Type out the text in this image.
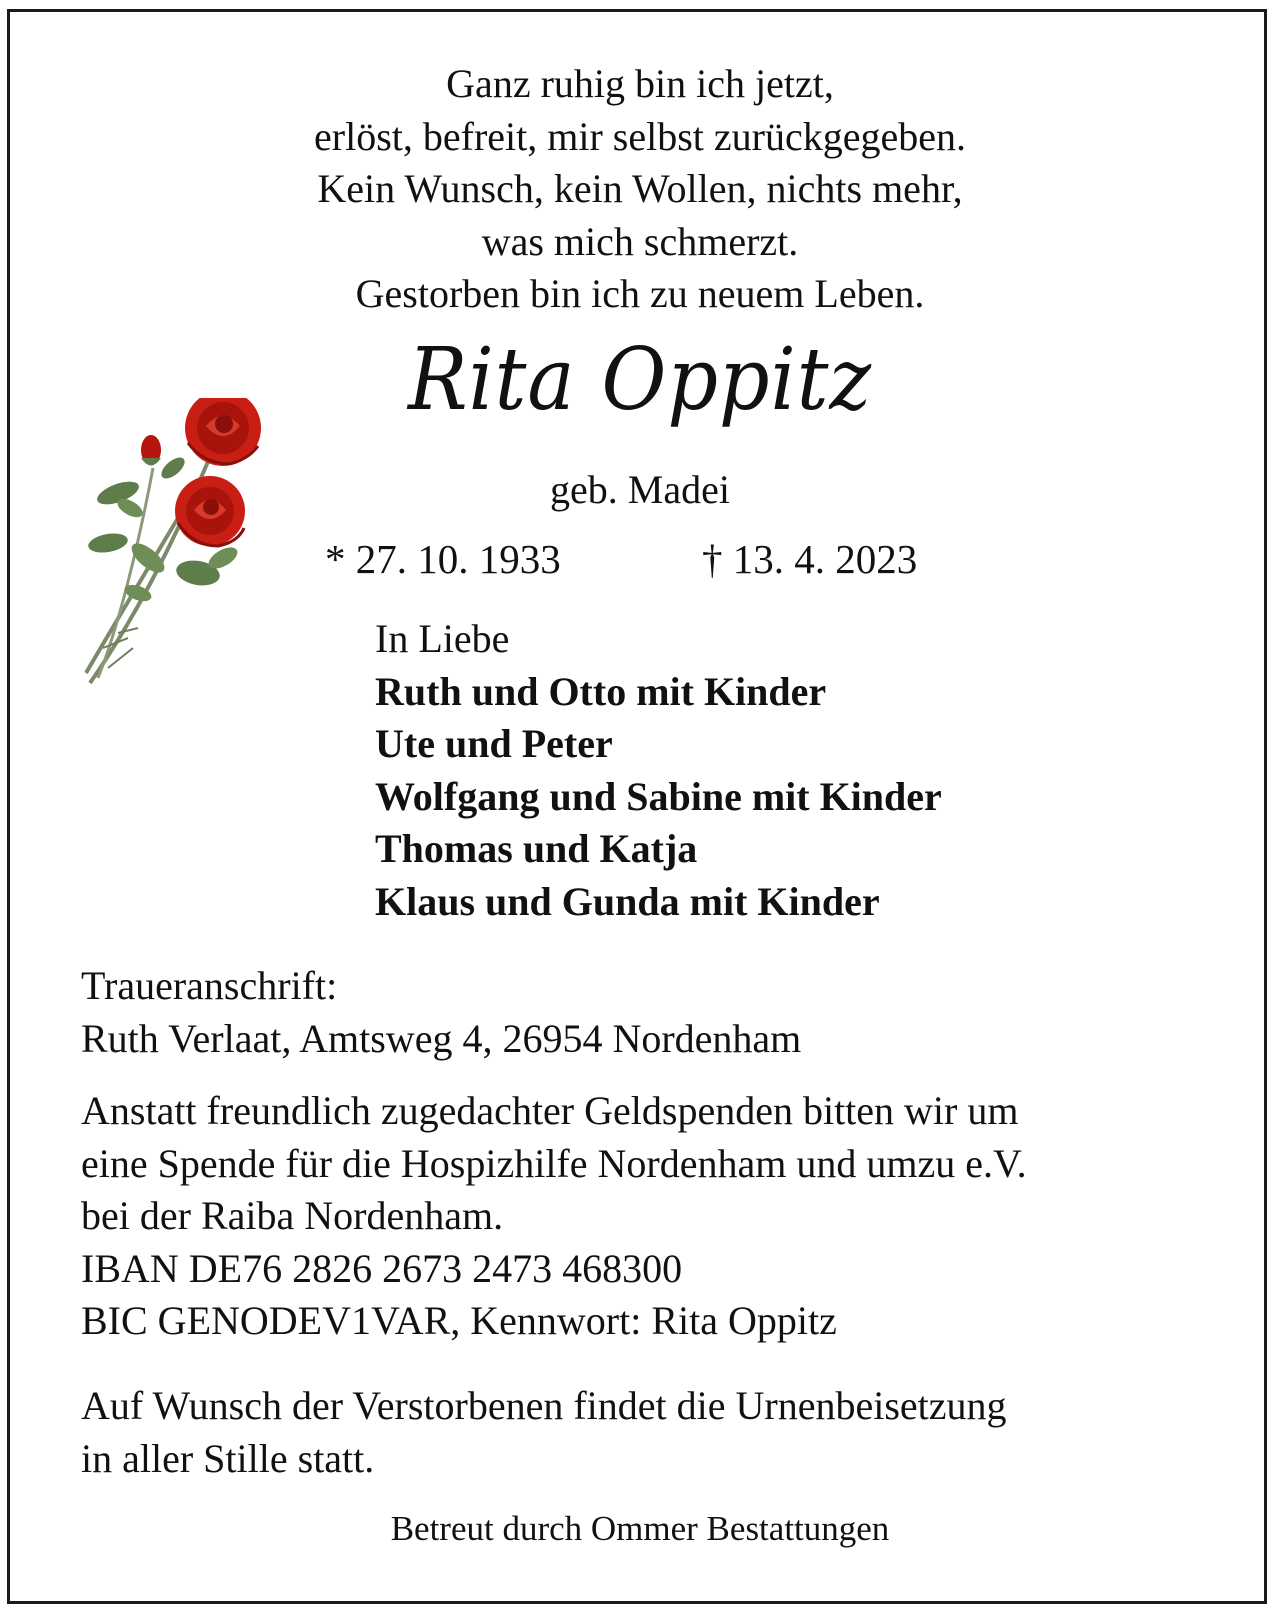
Ganz ruhig bin ich jetzt,
erlöst, befreit, mir selbst zurückgegeben.
Kein Wunsch, kein Wollen, nichts mehr,
was mich schmerzt.
Gestorben bin ich zu neuem Leben.
Rita Oppitz
geb. Madei
* 27. 10. 1933	† 13. 4. 2023
In Liebe
Ruth und Otto mit Kinder
Ute und Peter
Wolfgang und Sabine mit Kinder
Thomas und Katja
Klaus und Gunda mit Kinder
Traueranschrift:
Ruth Verlaat, Amtsweg 4, 26954 Nordenham
Anstatt freundlich zugedachter Geldspenden bitten wir um
eine Spende für die Hospizhilfe Nordenham und umzu e.V.
bei der Raiba Nordenham.
IBAN DE76 2826 2673 2473 468300
BIC GENODEV1VAR, Kennwort: Rita Oppitz
Auf Wunsch der Verstorbenen findet die Urnenbeisetzung
in aller Stille statt.
Betreut durch Ommer Bestattungen
